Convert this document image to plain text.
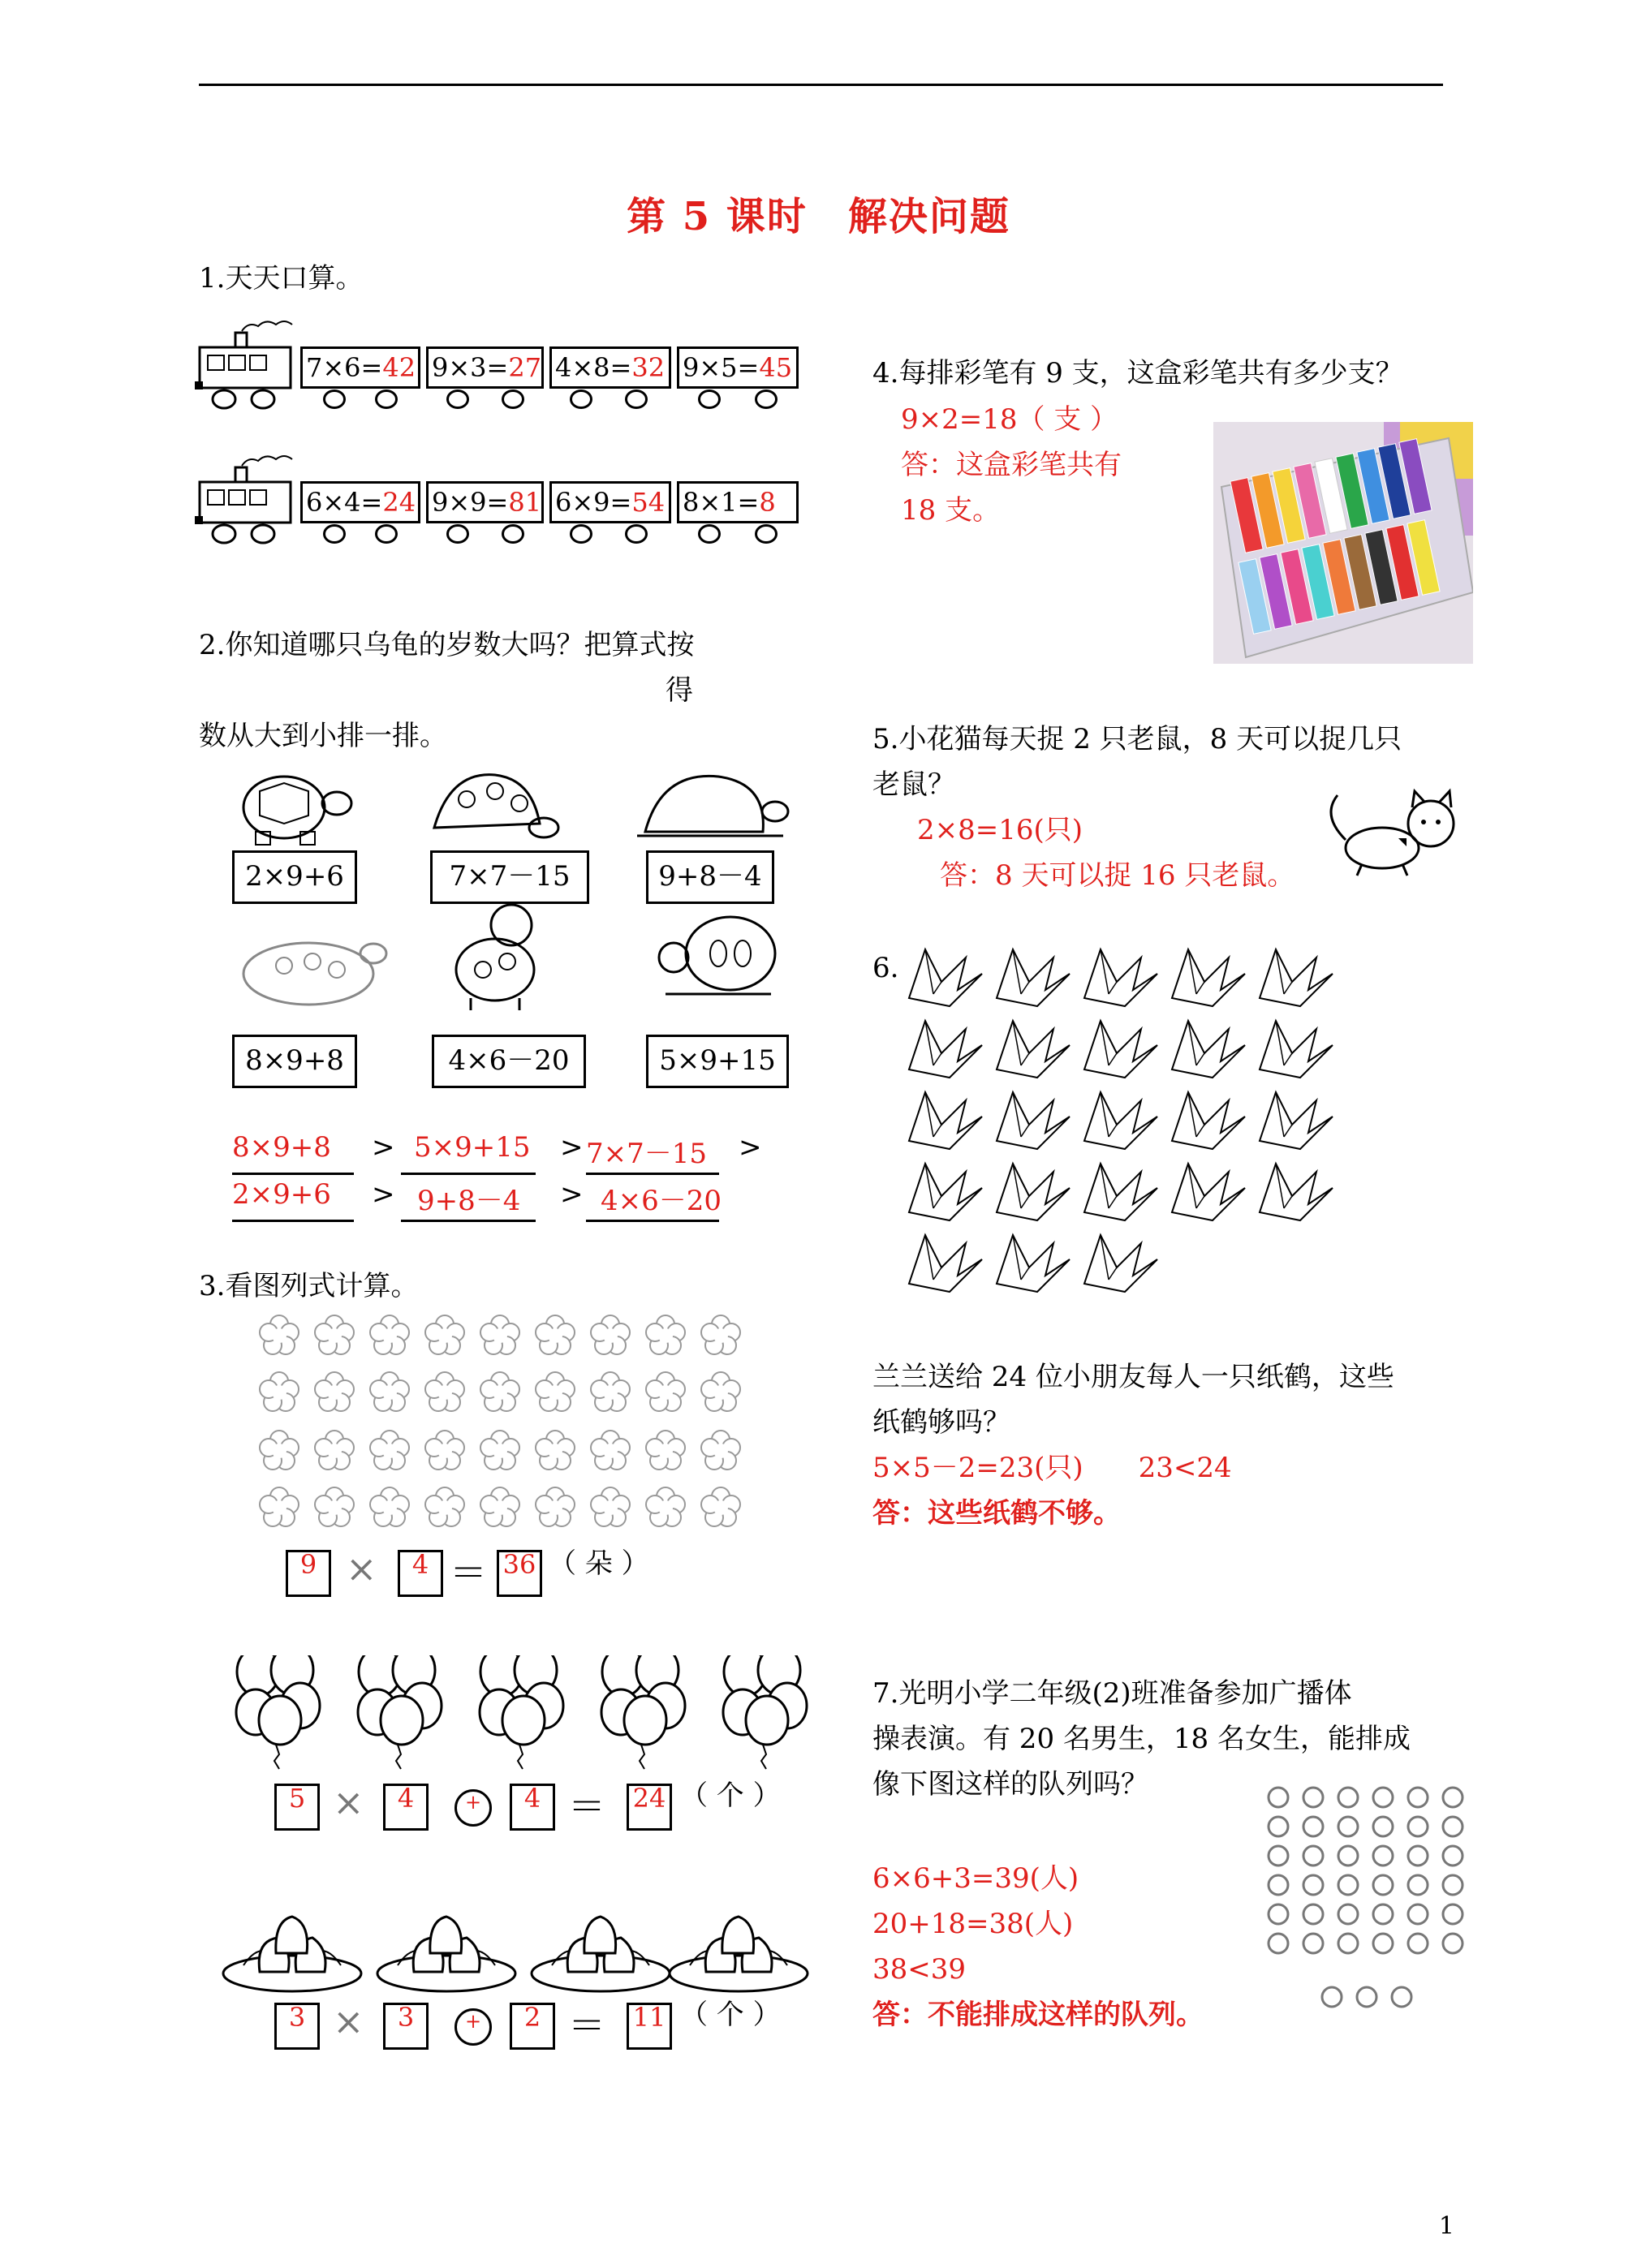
第 5 课时　解决问题
1.天天口算。
7×6=42 9×3=27 4×8=32 9×5=45
6×4=24 9×9=81 6×9=54 8×1=8
2.你知道哪只乌龟的岁数大吗？把算式按
得
数从大到小排一排。
2×9+6	7×7－15	9+8－4
8×9+8	4×6－20	5×9+15
8×9+8 > 5×9+15 > 7×7－15 >
2×9+6 > 9+8－4 > 4×6－20
3.看图列式计算。
9 ×	4 ＝ 36 （ 朵 ）
5 ×	4	+	4 ＝ 24 （ 个 ）
3 ×	3	+	2 ＝ 11 （ 个 ）
4.每排彩笔有 9 支，这盒彩笔共有多少支？
9×2=18（ 支 ）
答：这盒彩笔共有
18 支。
5.小花猫每天捉 2 只老鼠，8 天可以捉几只
老鼠？
2×8=16(只)
答：8 天可以捉 16 只老鼠。
6.
兰兰送给 24 位小朋友每人一只纸鹤，这些
纸鹤够吗？
5×5－2=23(只)　　23<24
答：这些纸鹤不够。
7.光明小学二年级(2)班准备参加广播体
操表演。有 20 名男生，18 名女生，能排成
像下图这样的队列吗？
6×6+3=39(人)
20+18=38(人)
38<39
答：不能排成这样的队列。
1
